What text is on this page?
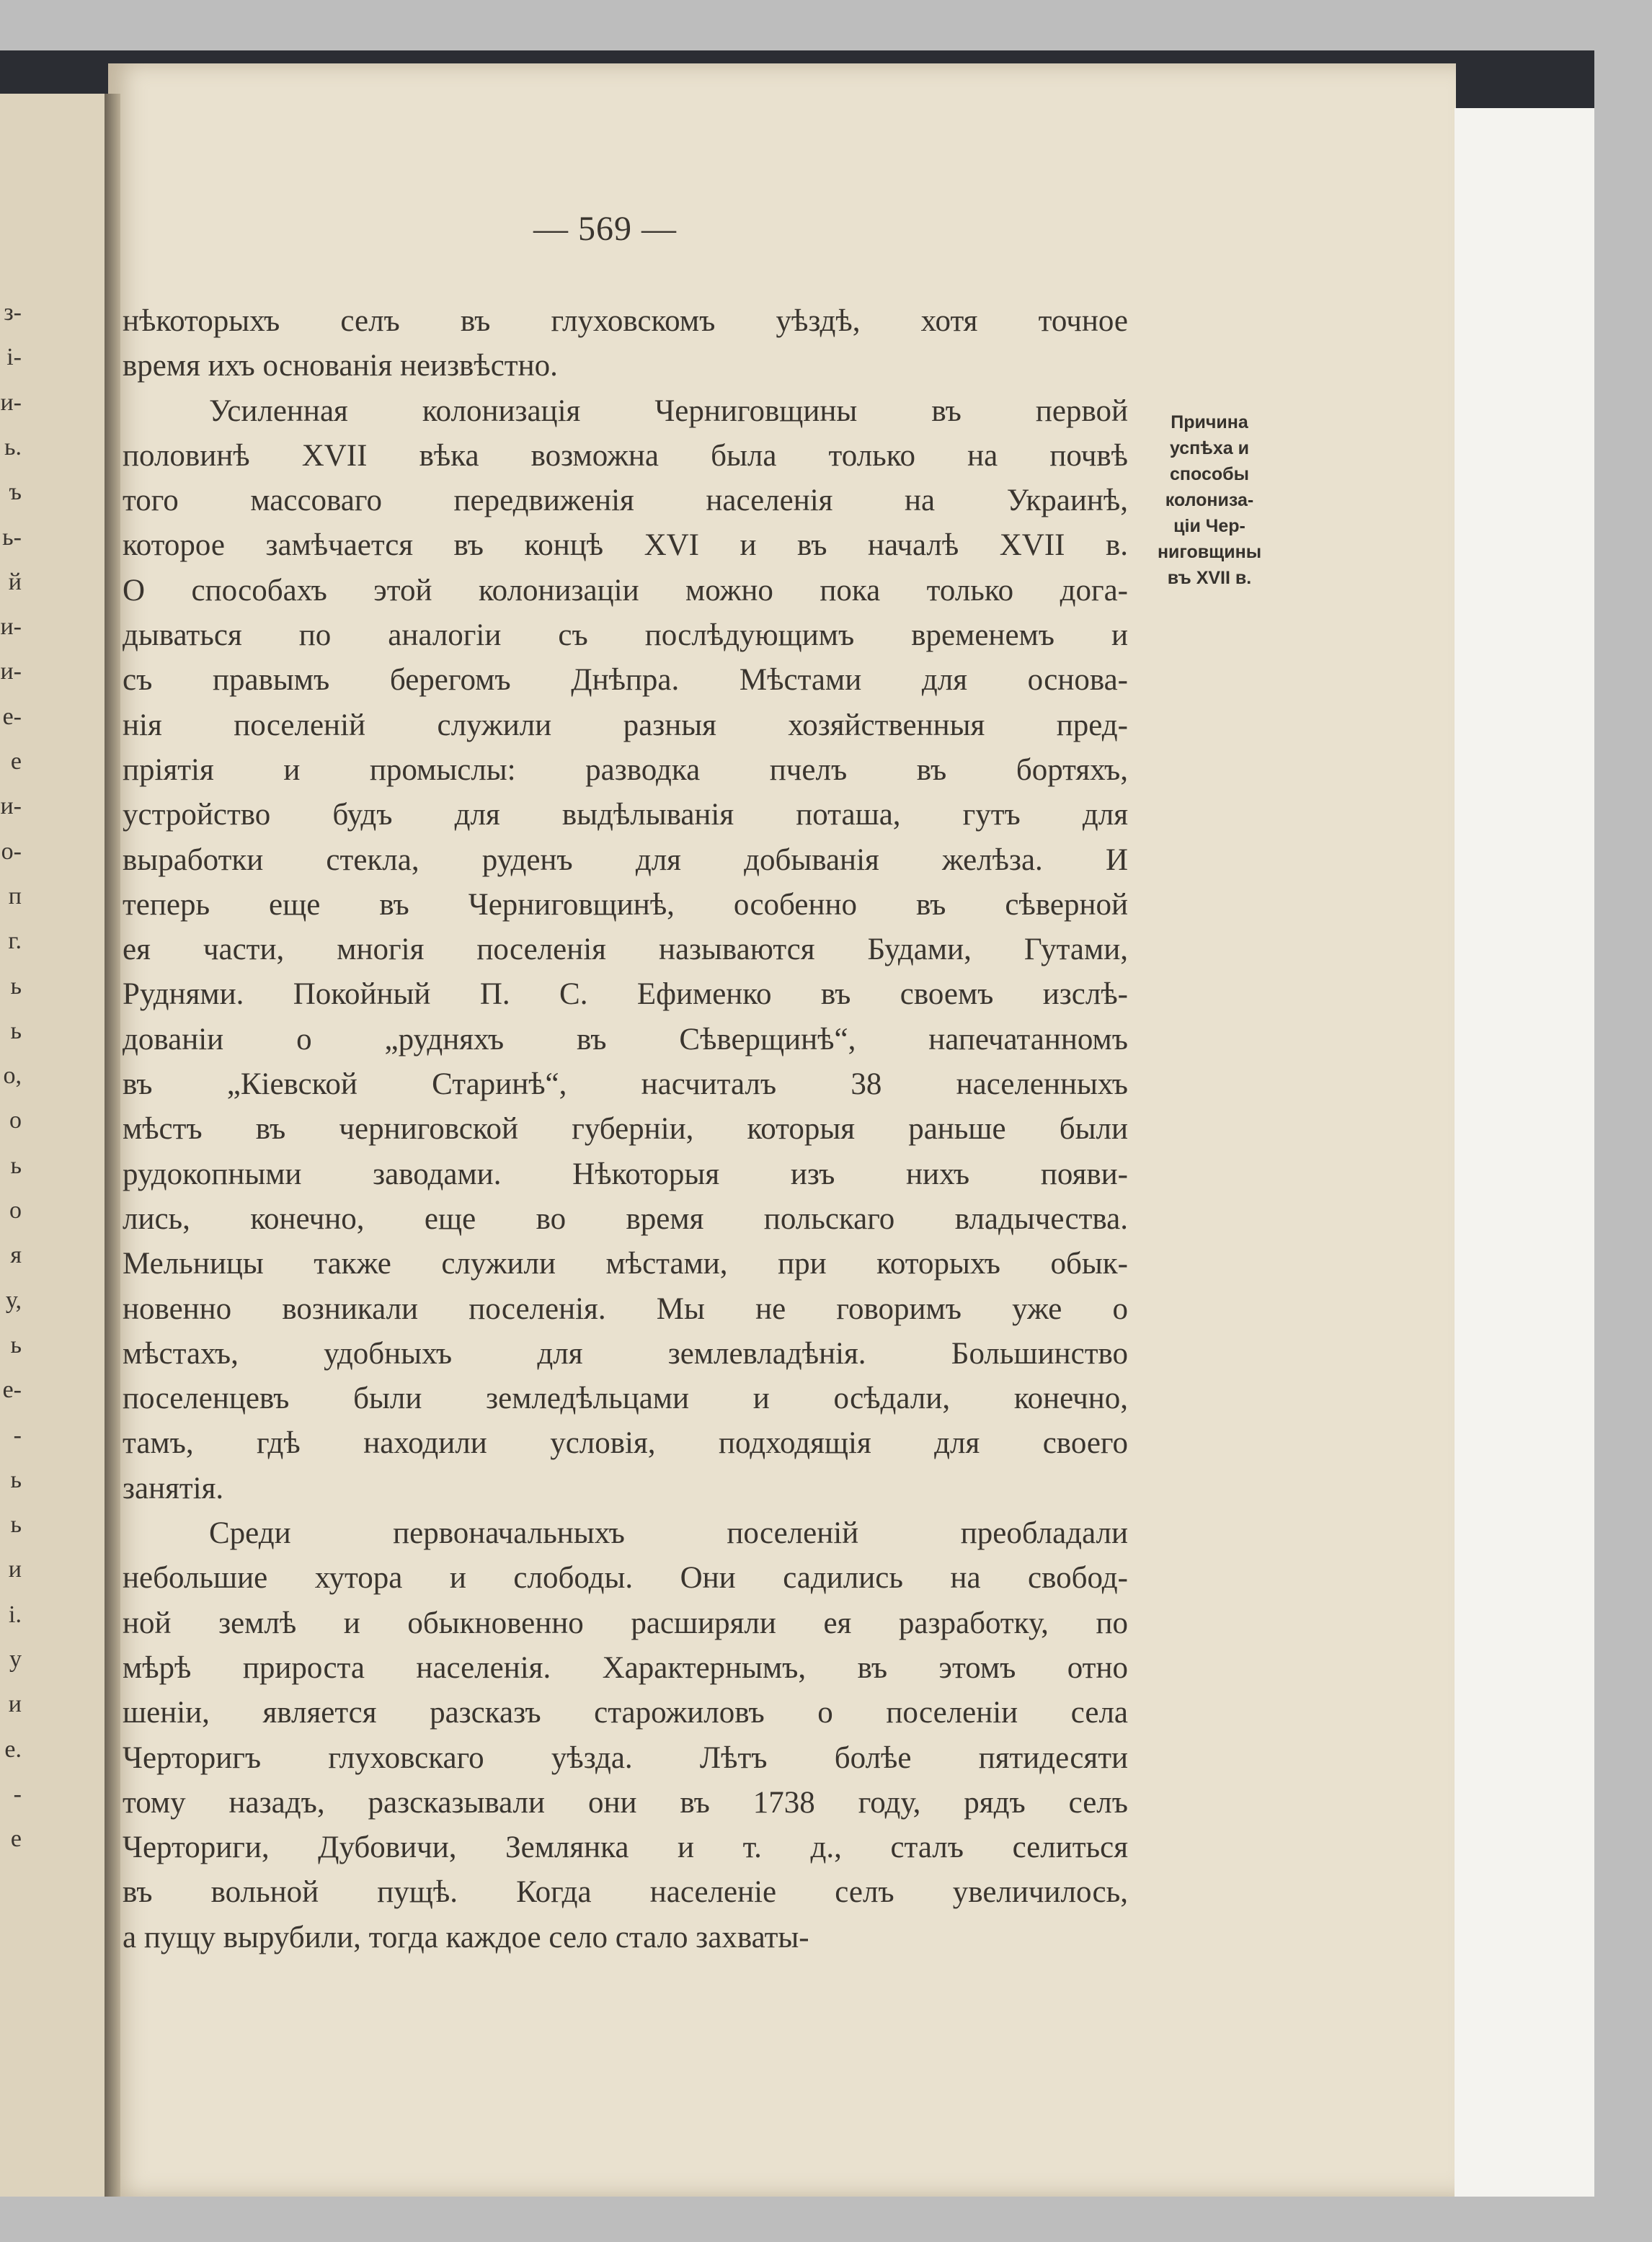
з-
і-
и-
ь.
ъ
ь-
й
и-
и-
е-
е
и-
о-
п
г.
ь
ь
о,
о
ь
о
я
у,
ь
е-
-
ь
ь
и
і.
у
и
е.
-
е
— 569 —
нѣкоторыхъ селъ въ глуховскомъ уѣздѣ, хотя точное
время ихъ основанія неизвѣстно.
Усиленная колонизація Черниговщины въ первой
половинѣ XVII вѣка возможна была только на почвѣ
того массоваго передвиженія населенія на Украинѣ,
которое замѣчается въ концѣ XVI и въ началѣ XVII в.
О способахъ этой колонизаціи можно пока только дога-
дываться по аналогіи съ послѣдующимъ временемъ и
съ правымъ берегомъ Днѣпра. Мѣстами для основа-
нія поселеній служили разныя хозяйственныя пред-
пріятія и промыслы: разводка пчелъ въ бортяхъ,
устройство будъ для выдѣлыванія поташа, гутъ для
выработки стекла, руденъ для добыванія желѣза. И
теперь еще въ Черниговщинѣ, особенно въ сѣверной
ея части, многія поселенія называются Будами, Гутами,
Руднями. Покойный П. С. Ефименко въ своемъ изслѣ-
дованіи о „рудняхъ въ Сѣверщинѣ“, напечатанномъ
въ „Кіевской Старинѣ“, насчиталъ 38 населенныхъ
мѣстъ въ черниговской губерніи, которыя раньше были
рудокопными заводами. Нѣкоторыя изъ нихъ появи-
лись, конечно, еще во время польскаго владычества.
Мельницы также служили мѣстами, при которыхъ обык-
новенно возникали поселенія. Мы не говоримъ уже о
мѣстахъ, удобныхъ для землевладѣнія. Большинство
поселенцевъ были земледѣльцами и осѣдали, конечно,
тамъ, гдѣ находили условія, подходящія для своего
занятія.
Среди первоначальныхъ поселеній преобладали
небольшие хутора и слободы. Они садились на свобод-
ной землѣ и обыкновенно расширяли ея разработку, по
мѣрѣ прироста населенія. Характернымъ, въ этомъ отно
шеніи, является разсказъ старожиловъ о поселеніи села
Черторигъ глуховскаго уѣзда. Лѣтъ болѣе пятидесяти
тому назадъ, разсказывали они въ 1738 году, рядъ селъ
Черториги, Дубовичи, Землянка и т. д., сталъ селиться
въ вольной пущѣ. Когда населеніе селъ увеличилось,
а пущу вырубили, тогда каждое село стало захваты-
Причина
успѣха и
способы
колониза-
ціи Чер-
ниговщины
въ XVII в.
